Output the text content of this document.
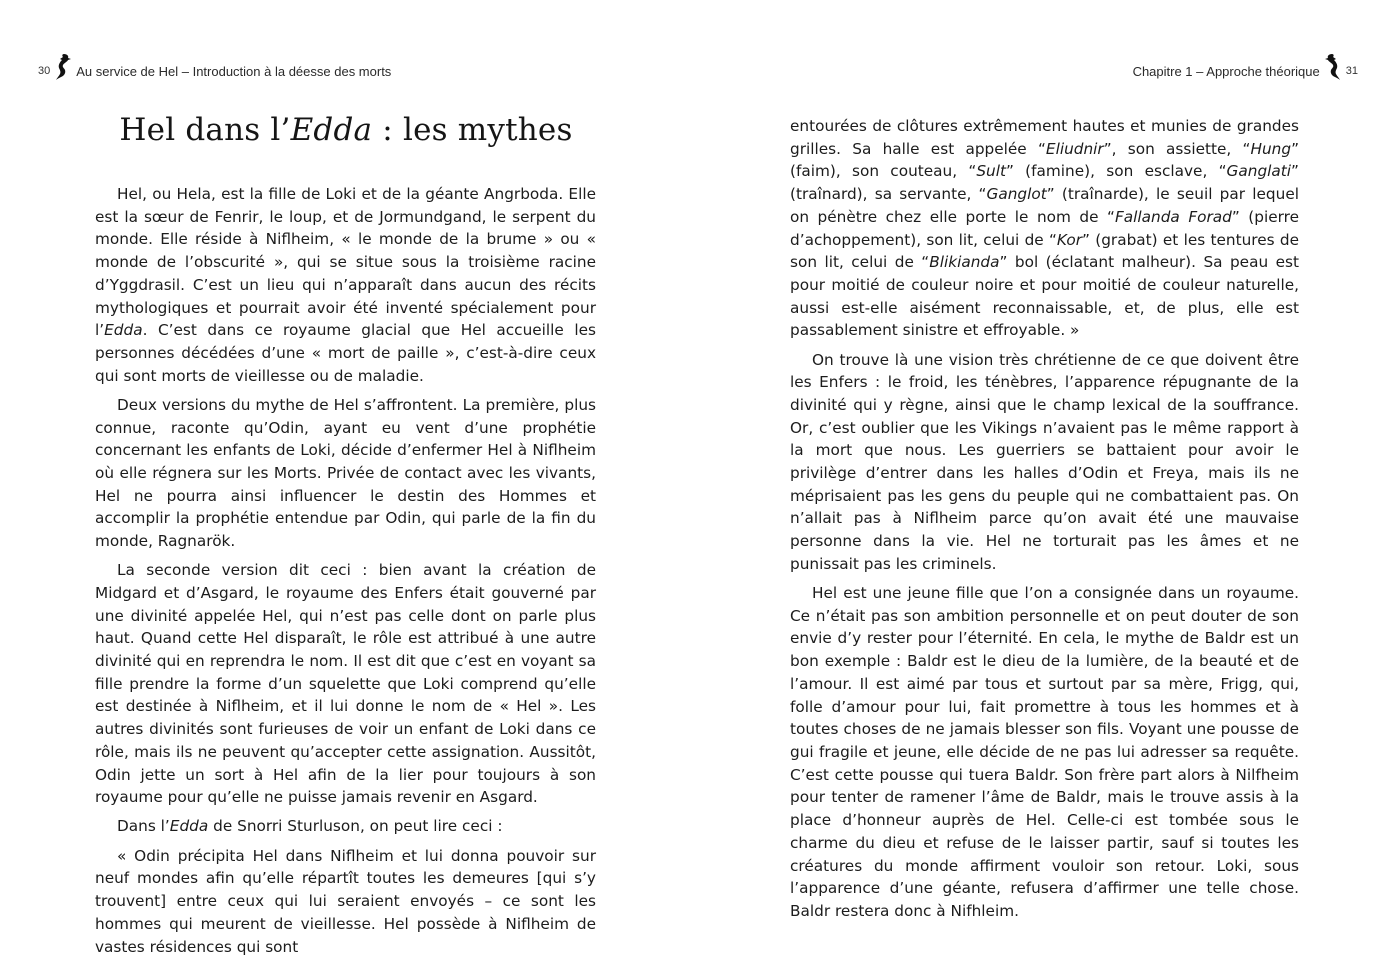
30 Au service de Hel – Introduction à la déesse des morts
Hel dans l’Edda : les mythes

Hel, ou Hela, est la fille de Loki et de la géante Angrboda. Elle est la sœur de Fenrir, le loup, et de Jormundgand, le serpent du monde. Elle réside à Niflheim, « le monde de la brume » ou « monde de l’obscurité », qui se situe sous la troisième racine d’Yggdrasil. C’est un lieu qui n’apparaît dans aucun des récits mythologiques et pourrait avoir été inventé spécialement pour l’Edda. C’est dans ce royaume glacial que Hel accueille les personnes décédées d’une « mort de paille », c’est-à-dire ceux qui sont morts de vieillesse ou de maladie.

Deux versions du mythe de Hel s’affrontent. La première, plus connue, raconte qu’Odin, ayant eu vent d’une prophétie concernant les enfants de Loki, décide d’enfermer Hel à Niflheim où elle régnera sur les Morts. Privée de contact avec les vivants, Hel ne pourra ainsi influencer le destin des Hommes et accomplir la prophétie entendue par Odin, qui parle de la fin du monde, Ragnarök.

La seconde version dit ceci : bien avant la création de Midgard et d’Asgard, le royaume des Enfers était gouverné par une divinité appelée Hel, qui n’est pas celle dont on parle plus haut. Quand cette Hel disparaît, le rôle est attribué à une autre divinité qui en reprendra le nom. Il est dit que c’est en voyant sa fille prendre la forme d’un squelette que Loki comprend qu’elle est destinée à Niflheim, et il lui donne le nom de « Hel ». Les autres divinités sont furieuses de voir un enfant de Loki dans ce rôle, mais ils ne peuvent qu’accepter cette assignation. Aussitôt, Odin jette un sort à Hel afin de la lier pour toujours à son royaume pour qu’elle ne puisse jamais revenir en Asgard.

Dans l’Edda de Snorri Sturluson, on peut lire ceci :

« Odin précipita Hel dans Niflheim et lui donna pouvoir sur neuf mondes afin qu’elle répartît toutes les demeures [qui s’y trouvent] entre ceux qui lui seraient envoyés – ce sont les hommes qui meurent de vieillesse. Hel possède à Niflheim de vastes résidences qui sont

Chapitre 1 – Approche théorique 31

entourées de clôtures extrêmement hautes et munies de grandes grilles. Sa halle est appelée “Eliudnir”, son assiette, “Hung” (faim), son couteau, “Sult” (famine), son esclave, “Ganglati” (traînard), sa servante, “Ganglot” (traînarde), le seuil par lequel on pénètre chez elle porte le nom de “Fallanda Forad” (pierre d’achoppement), son lit, celui de “Kor” (grabat) et les tentures de son lit, celui de “Blikianda” bol (éclatant malheur). Sa peau est pour moitié de couleur noire et pour moitié de couleur naturelle, aussi est-elle aisément reconnaissable, et, de plus, elle est passablement sinistre et effroyable. »

On trouve là une vision très chrétienne de ce que doivent être les Enfers : le froid, les ténèbres, l’apparence répugnante de la divinité qui y règne, ainsi que le champ lexical de la souffrance. Or, c’est oublier que les Vikings n’avaient pas le même rapport à la mort que nous. Les guerriers se battaient pour avoir le privilège d’entrer dans les halles d’Odin et Freya, mais ils ne méprisaient pas les gens du peuple qui ne combattaient pas. On n’allait pas à Niflheim parce qu’on avait été une mauvaise personne dans la vie. Hel ne torturait pas les âmes et ne punissait pas les criminels.

Hel est une jeune fille que l’on a consignée dans un royaume. Ce n’était pas son ambition personnelle et on peut douter de son envie d’y rester pour l’éternité. En cela, le mythe de Baldr est un bon exemple : Baldr est le dieu de la lumière, de la beauté et de l’amour. Il est aimé par tous et surtout par sa mère, Frigg, qui, folle d’amour pour lui, fait promettre à tous les hommes et à toutes choses de ne jamais blesser son fils. Voyant une pousse de gui fragile et jeune, elle décide de ne pas lui adresser sa requête. C’est cette pousse qui tuera Baldr. Son frère part alors à Nilfheim pour tenter de ramener l’âme de Baldr, mais le trouve assis à la place d’honneur auprès de Hel. Celle-ci est tombée sous le charme du dieu et refuse de le laisser partir, sauf si toutes les créatures du monde affirment vouloir son retour. Loki, sous l’apparence d’une géante, refusera d’affirmer une telle chose. Baldr restera donc à Nifhleim.
